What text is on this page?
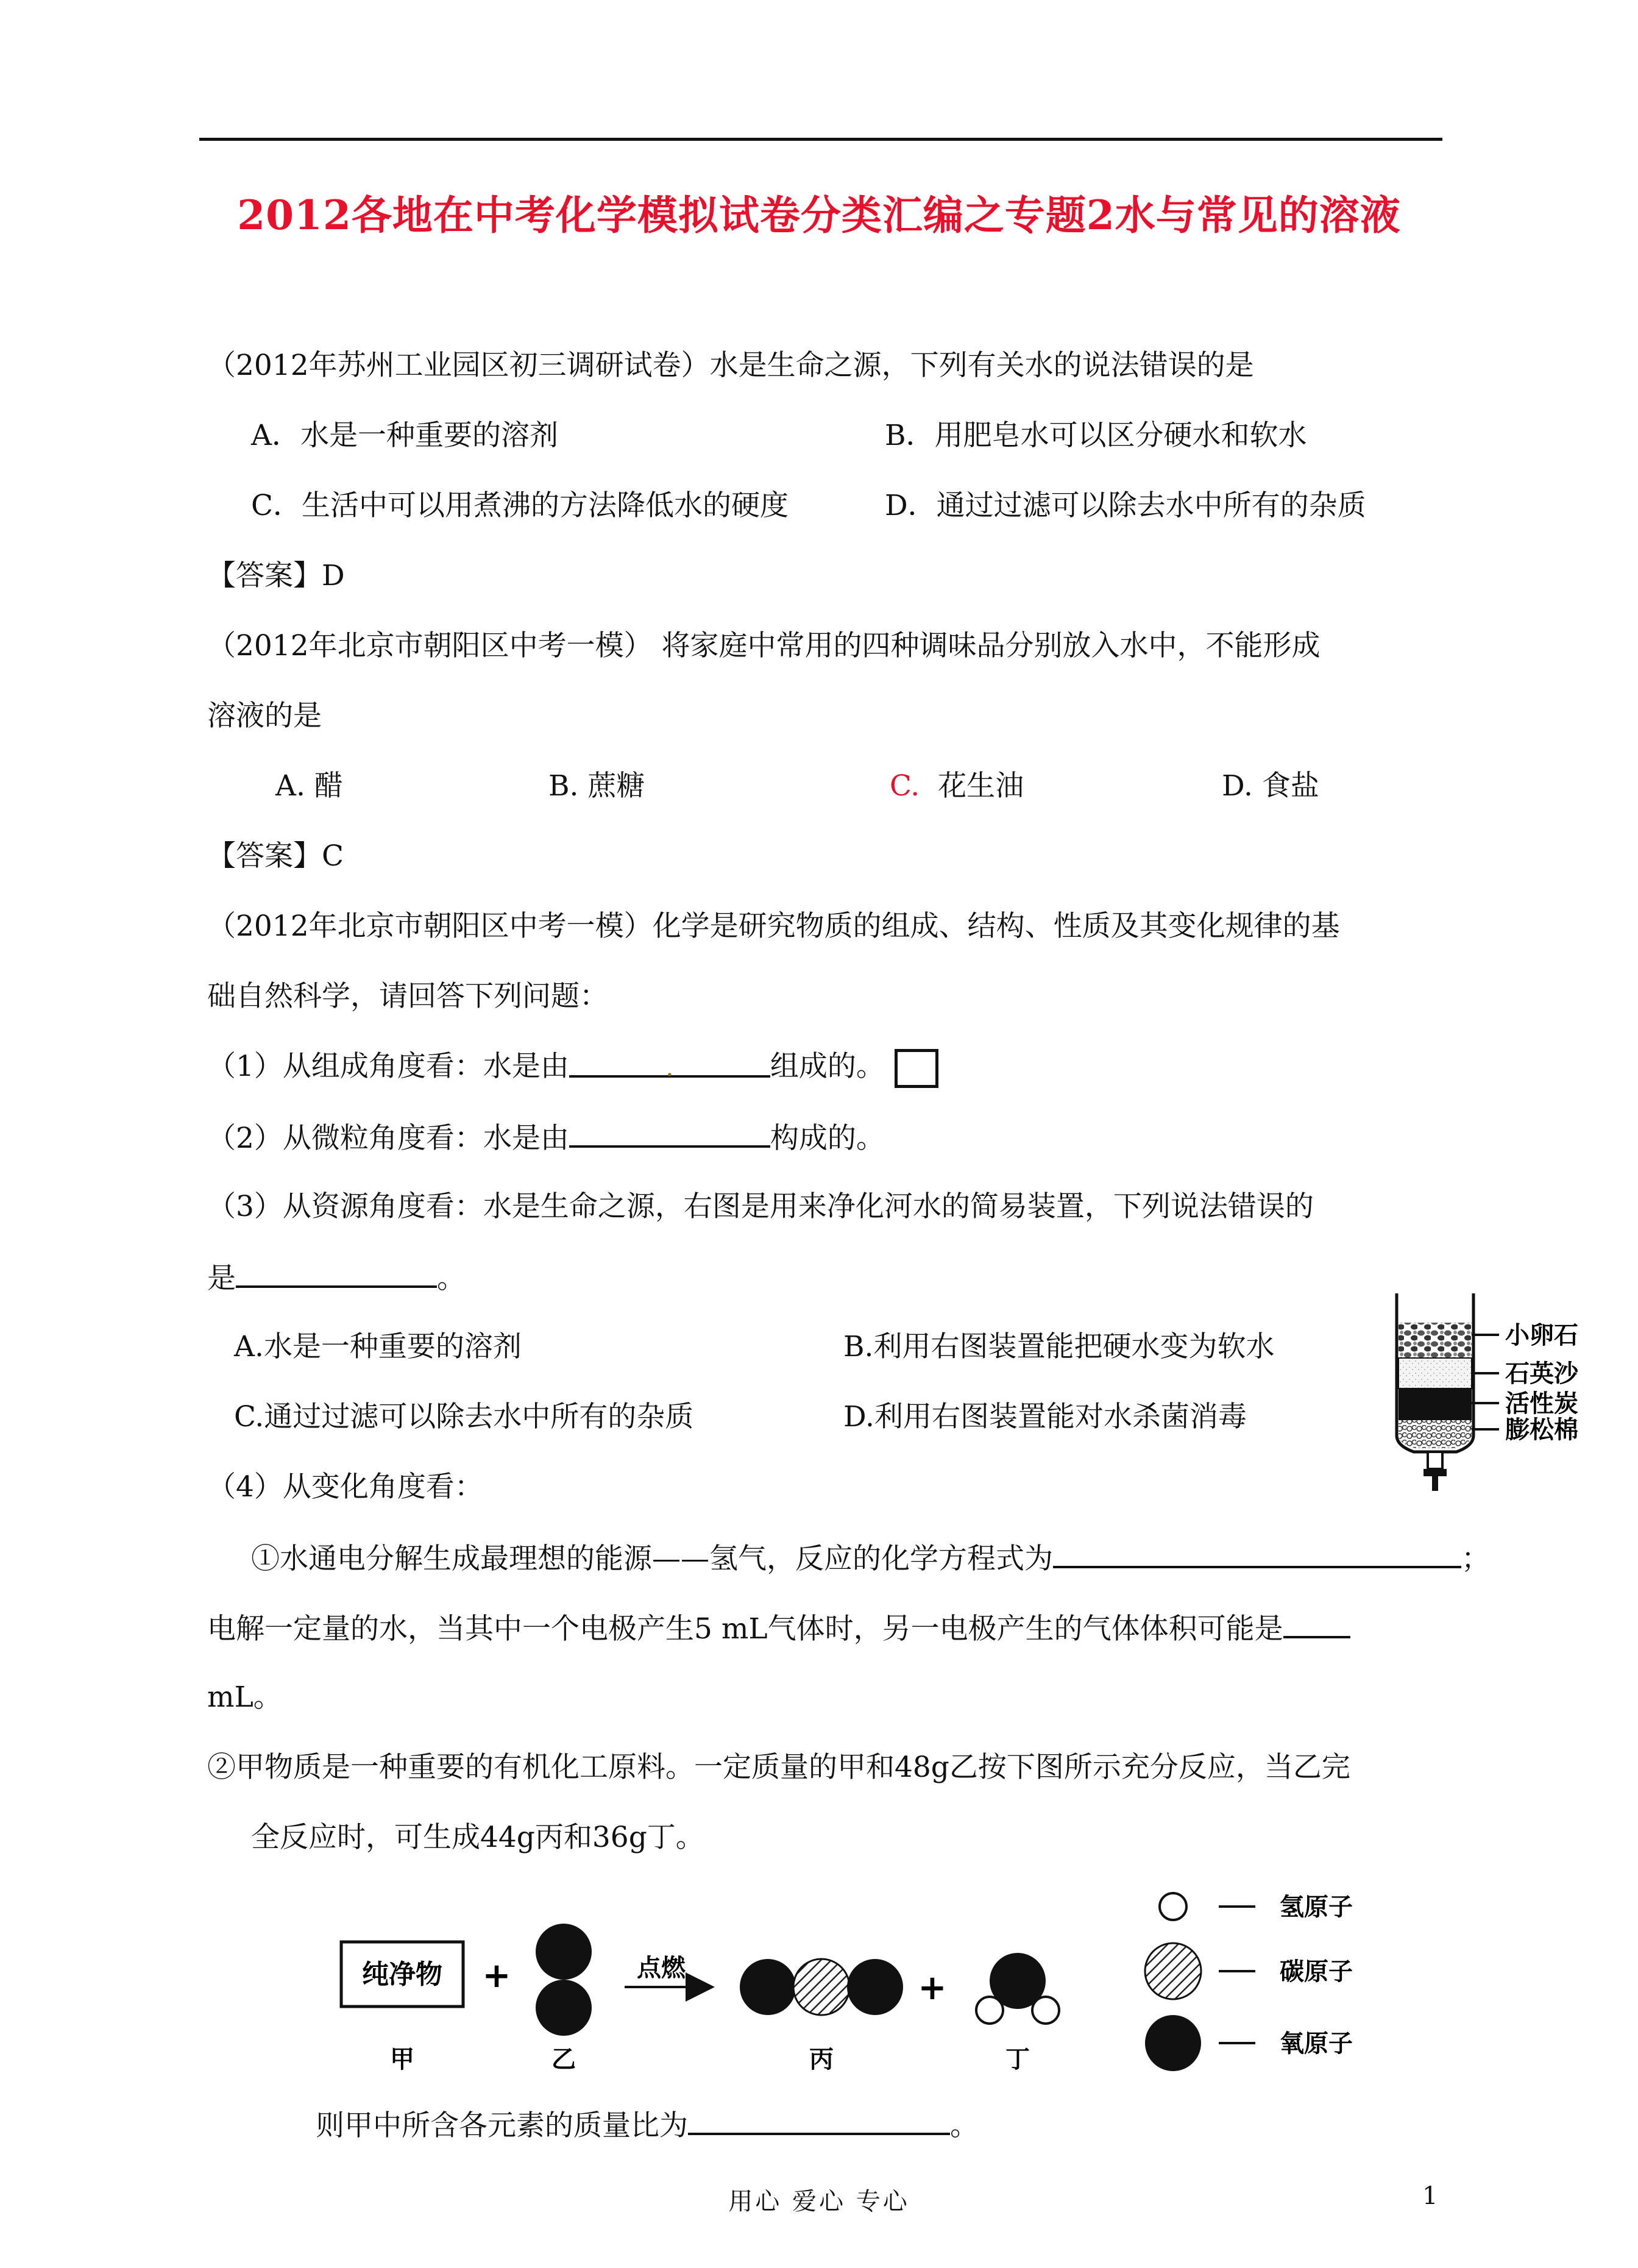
2012各地在中考化学模拟试卷分类汇编之专题2水与常见的溶液
（2012年苏州工业园区初三调研试卷）水是生命之源，下列有关水的说法错误的是
A．水是一种重要的溶剂	B．用肥皂水可以区分硬水和软水
C．生活中可以用煮沸的方法降低水的硬度	D．通过过滤可以除去水中所有的杂质
【答案】D
（2012年北京市朝阳区中考一模） 将家庭中常用的四种调味品分别放入水中，不能形成
溶液的是
A. 醋	B. 蔗糖	C. 花生油	D. 食盐
【答案】C
（2012年北京市朝阳区中考一模）化学是研究物质的组成、结构、性质及其变化规律的基
础自然科学，请回答下列问题：
（1）从组成角度看：水是由	.	组成的。
（2）从微粒角度看：水是由	构成的。
（3）从资源角度看：水是生命之源，右图是用来净化河水的简易装置，下列说法错误的
是	。
A.水是一种重要的溶剂	B.利用右图装置能把硬水变为软水
C.通过过滤可以除去水中所有的杂质	D.利用右图装置能对水杀菌消毒
小卵石
石英沙
活性炭
膨松棉
（4）从变化角度看：
①水通电分解生成最理想的能源——氢气，反应的化学方程式为	；
电解一定量的水，当其中一个电极产生5 mL气体时，另一电极产生的气体体积可能是
mL。
②甲物质是一种重要的有机化工原料。一定质量的甲和48g乙按下图所示充分反应，当乙完
全反应时，可生成44g丙和36g丁。
纯净物 +	点燃	+
甲	乙	丙	丁
氢原子
碳原子
氧原子
则甲中所含各元素的质量比为	。
用心 爱心 专心	1
